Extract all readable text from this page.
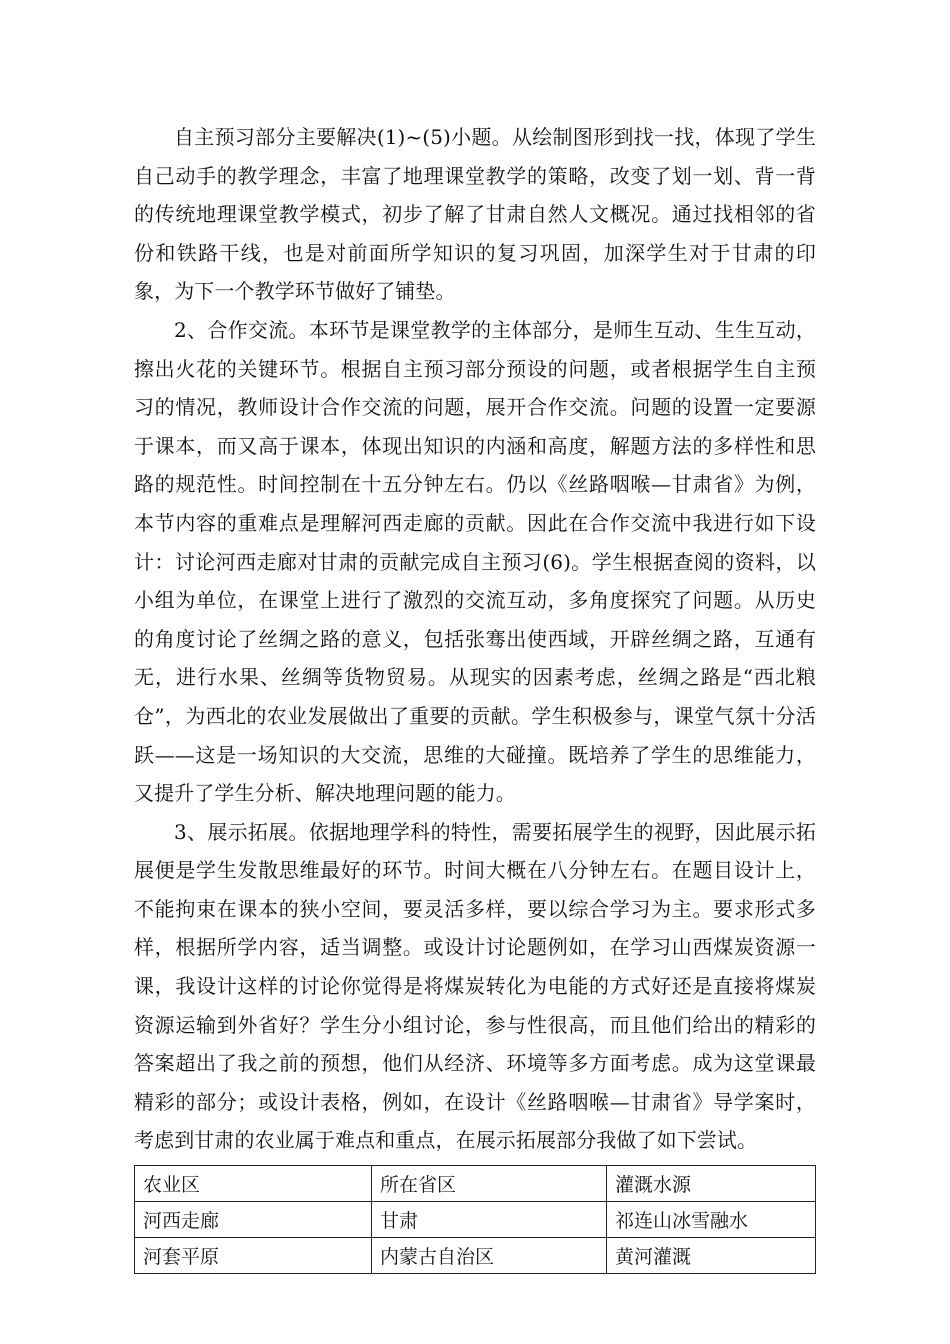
自主预习部分主要解决(1)~(5)小题。从绘制图形到找一找，体现了学生自己动手的教学理念，丰富了地理课堂教学的策略，改变了划一划、背一背的传统地理课堂教学模式，初步了解了甘肃自然人文概况。通过找相邻的省份和铁路干线，也是对前面所学知识的复习巩固，加深学生对于甘肃的印象，为下一个教学环节做好了铺垫。

2、合作交流。本环节是课堂教学的主体部分，是师生互动、生生互动，擦出火花的关键环节。根据自主预习部分预设的问题，或者根据学生自主预习的情况，教师设计合作交流的问题，展开合作交流。问题的设置一定要源于课本，而又高于课本，体现出知识的内涵和高度，解题方法的多样性和思路的规范性。时间控制在十五分钟左右。仍以《丝路咽喉—甘肃省》为例，本节内容的重难点是理解河西走廊的贡献。因此在合作交流中我进行如下设计：讨论河西走廊对甘肃的贡献完成自主预习(6)。学生根据查阅的资料，以小组为单位，在课堂上进行了激烈的交流互动，多角度探究了问题。从历史的角度讨论了丝绸之路的意义，包括张骞出使西域，开辟丝绸之路，互通有无，进行水果、丝绸等货物贸易。从现实的因素考虑，丝绸之路是“西北粮仓”，为西北的农业发展做出了重要的贡献。学生积极参与，课堂气氛十分活跃——这是一场知识的大交流，思维的大碰撞。既培养了学生的思维能力，又提升了学生分析、解决地理问题的能力。

3、展示拓展。依据地理学科的特性，需要拓展学生的视野，因此展示拓展便是学生发散思维最好的环节。时间大概在八分钟左右。在题目设计上，不能拘束在课本的狭小空间，要灵活多样，要以综合学习为主。要求形式多样，根据所学内容，适当调整。或设计讨论题例如，在学习山西煤炭资源一课，我设计这样的讨论你觉得是将煤炭转化为电能的方式好还是直接将煤炭资源运输到外省好？学生分小组讨论，参与性很高，而且他们给出的精彩的答案超出了我之前的预想，他们从经济、环境等多方面考虑。成为这堂课最精彩的部分；或设计表格，例如，在设计《丝路咽喉—甘肃省》导学案时，考虑到甘肃的农业属于难点和重点，在展示拓展部分我做了如下尝试。

农业区	所在省区	灌溉水源
河西走廊	甘肃	祁连山冰雪融水
河套平原	内蒙古自治区	黄河灌溉
